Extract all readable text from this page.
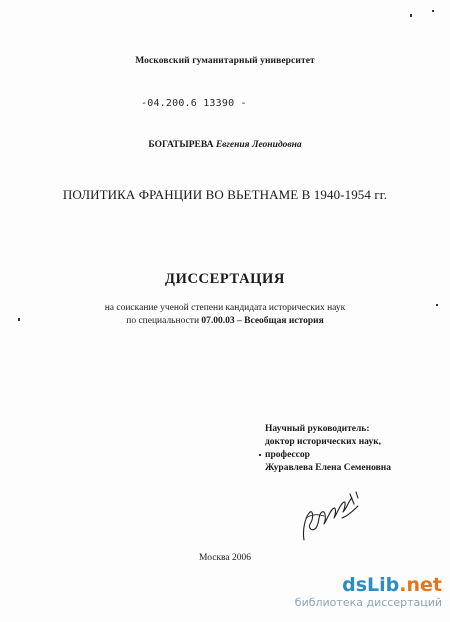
Московский гуманитарный университет
-04.200.6 13390 -
БОГАТЫРЕВА Евгения Леонидовна
ПОЛИТИКА ФРАНЦИИ ВО ВЬЕТНАМЕ В 1940-1954 гг.
ДИССЕРТАЦИЯ
на соискание ученой степени кандидата исторических наук
по специальности 07.00.03 – Всеобщая история
Научный руководитель:
доктор исторических наук,
профессор
Журавлева Елена Семеновна
Москва 2006
dsLib.net
библиотека диссертаций
